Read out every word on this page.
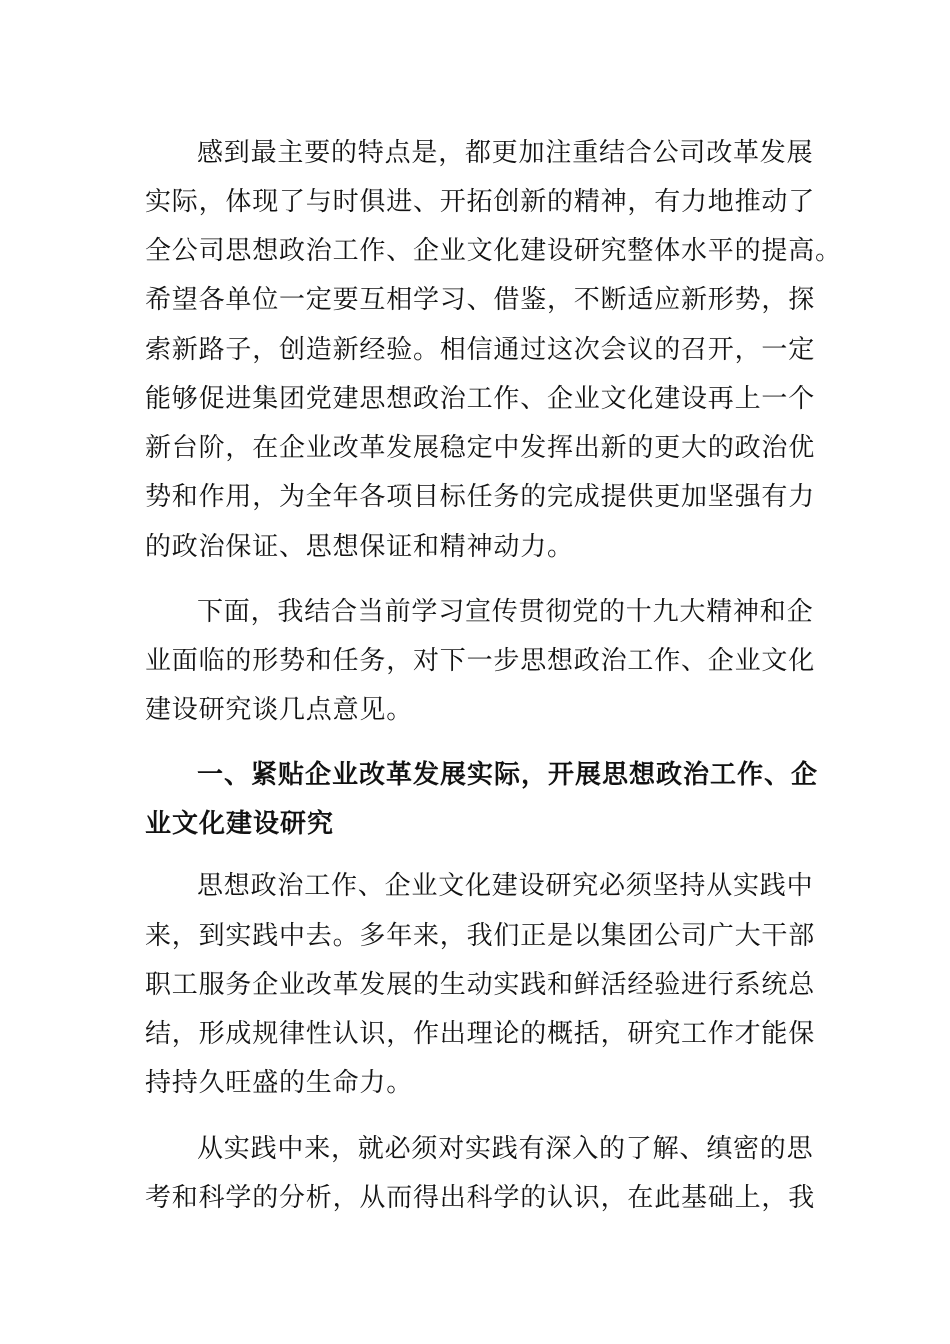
感到最主要的特点是，都更加注重结合公司改革发展
实际，体现了与时俱进、开拓创新的精神，有力地推动了
全公司思想政治工作、企业文化建设研究整体水平的提高。
希望各单位一定要互相学习、借鉴，不断适应新形势，探
索新路子，创造新经验。相信通过这次会议的召开，一定
能够促进集团党建思想政治工作、企业文化建设再上一个
新台阶，在企业改革发展稳定中发挥出新的更大的政治优
势和作用，为全年各项目标任务的完成提供更加坚强有力
的政治保证、思想保证和精神动力。
下面，我结合当前学习宣传贯彻党的十九大精神和企
业面临的形势和任务，对下一步思想政治工作、企业文化
建设研究谈几点意见。
一、紧贴企业改革发展实际，开展思想政治工作、企
业文化建设研究
思想政治工作、企业文化建设研究必须坚持从实践中
来，到实践中去。多年来，我们正是以集团公司广大干部
职工服务企业改革发展的生动实践和鲜活经验进行系统总
结，形成规律性认识，作出理论的概括，研究工作才能保
持持久旺盛的生命力。
从实践中来，就必须对实践有深入的了解、缜密的思
考和科学的分析，从而得出科学的认识，在此基础上，我
